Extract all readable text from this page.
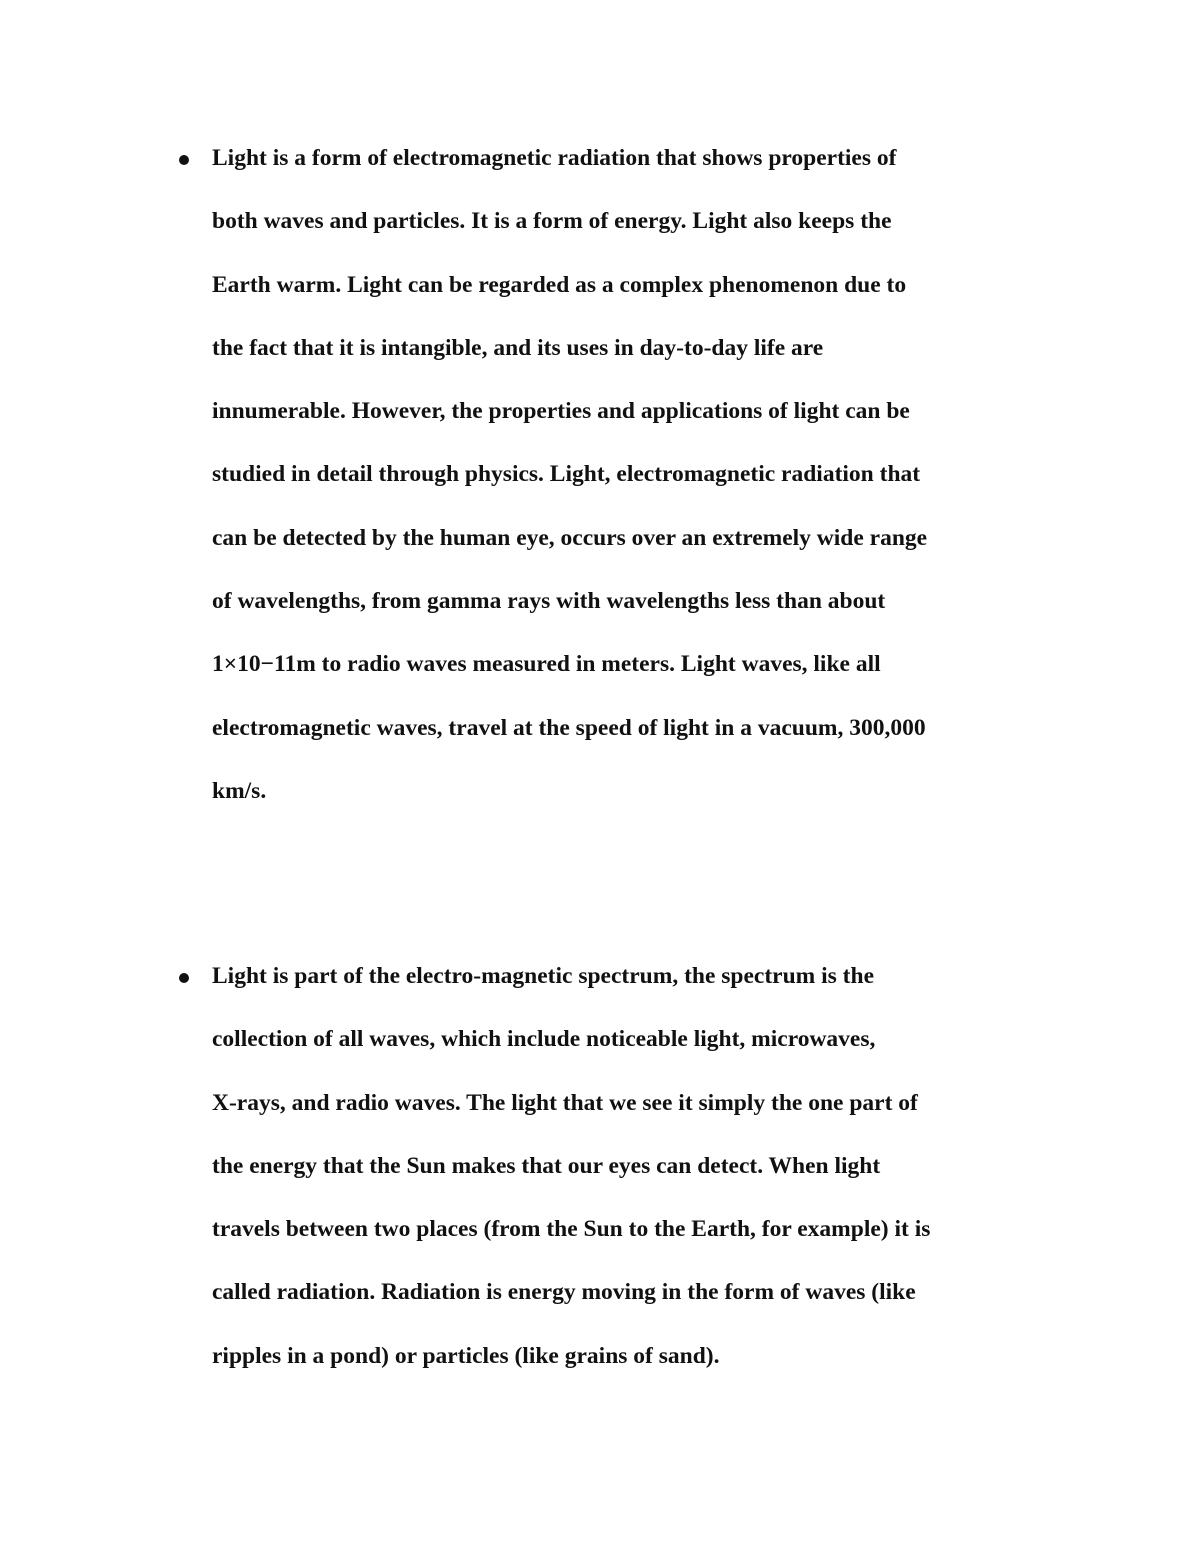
Light is a form of electromagnetic radiation that shows properties of
both waves and particles. It is a form of energy. Light also keeps the
Earth warm. Light can be regarded as a complex phenomenon due to
the fact that it is intangible, and its uses in day-to-day life are
innumerable. However, the properties and applications of light can be
studied in detail through physics. Light, electromagnetic radiation that
can be detected by the human eye, occurs over an extremely wide range
of wavelengths, from gamma rays with wavelengths less than about
1×10−11m to radio waves measured in meters. Light waves, like all
electromagnetic waves, travel at the speed of light in a vacuum, 300,000
km/s.

Light is part of the electro-magnetic spectrum, the spectrum is the
collection of all waves, which include noticeable light, microwaves,
X-rays, and radio waves. The light that we see it simply the one part of
the energy that the Sun makes that our eyes can detect. When light
travels between two places (from the Sun to the Earth, for example) it is
called radiation. Radiation is energy moving in the form of waves (like
ripples in a pond) or particles (like grains of sand).
